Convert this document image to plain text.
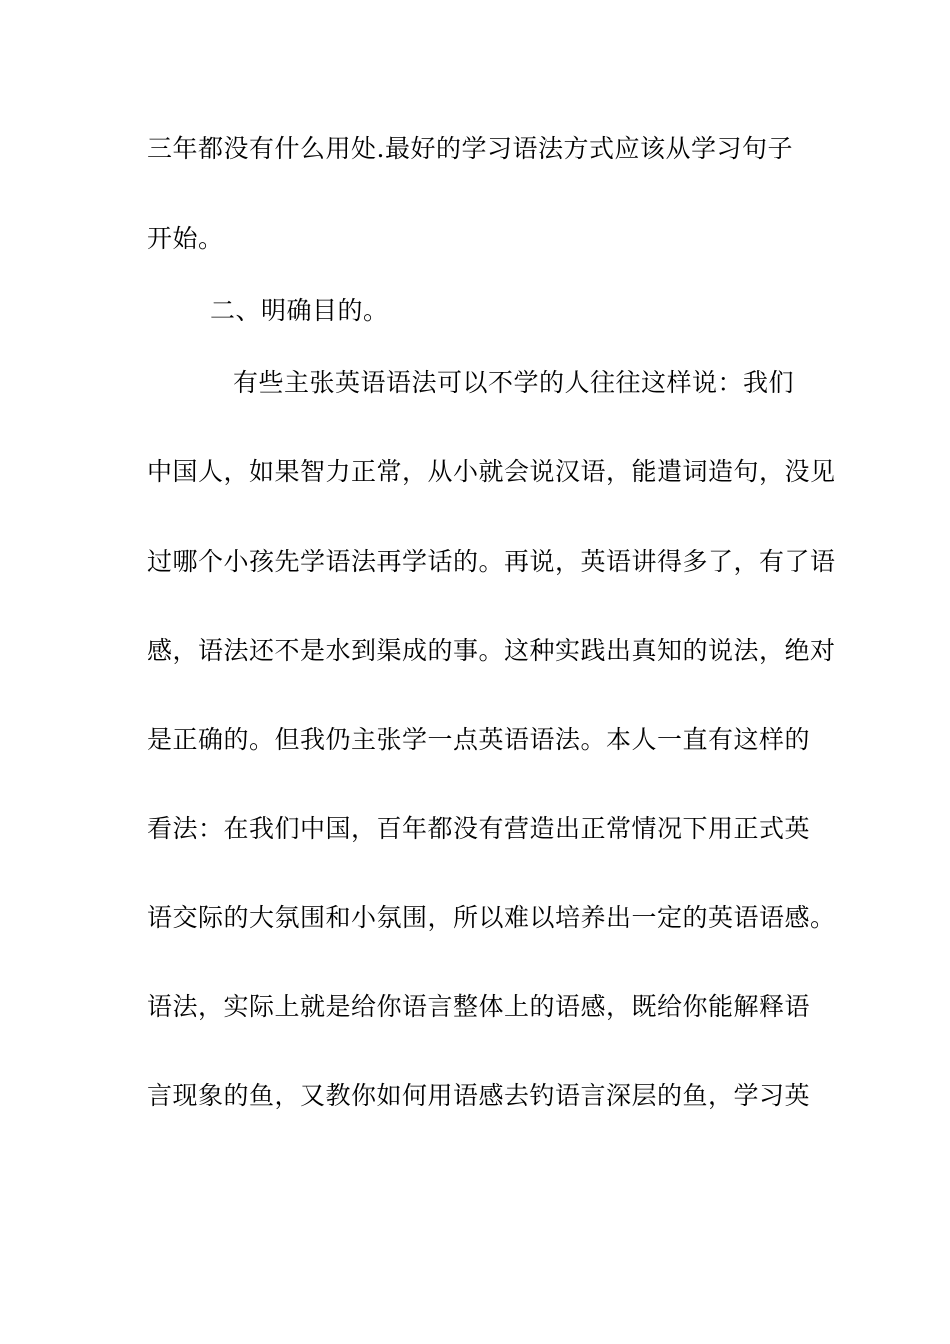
三年都没有什么用处.最好的学习语法方式应该从学习句子
开始。
二、明确目的。
有些主张英语语法可以不学的人往往这样说：我们
中国人，如果智力正常，从小就会说汉语，能遣词造句，没见
过哪个小孩先学语法再学话的。再说，英语讲得多了，有了语
感，语法还不是水到渠成的事。这种实践出真知的说法，绝对
是正确的。但我仍主张学一点英语语法。本人一直有这样的
看法：在我们中国，百年都没有营造出正常情况下用正式英
语交际的大氛围和小氛围，所以难以培养出一定的英语语感。
语法，实际上就是给你语言整体上的语感，既给你能解释语
言现象的鱼，又教你如何用语感去钓语言深层的鱼，学习英
